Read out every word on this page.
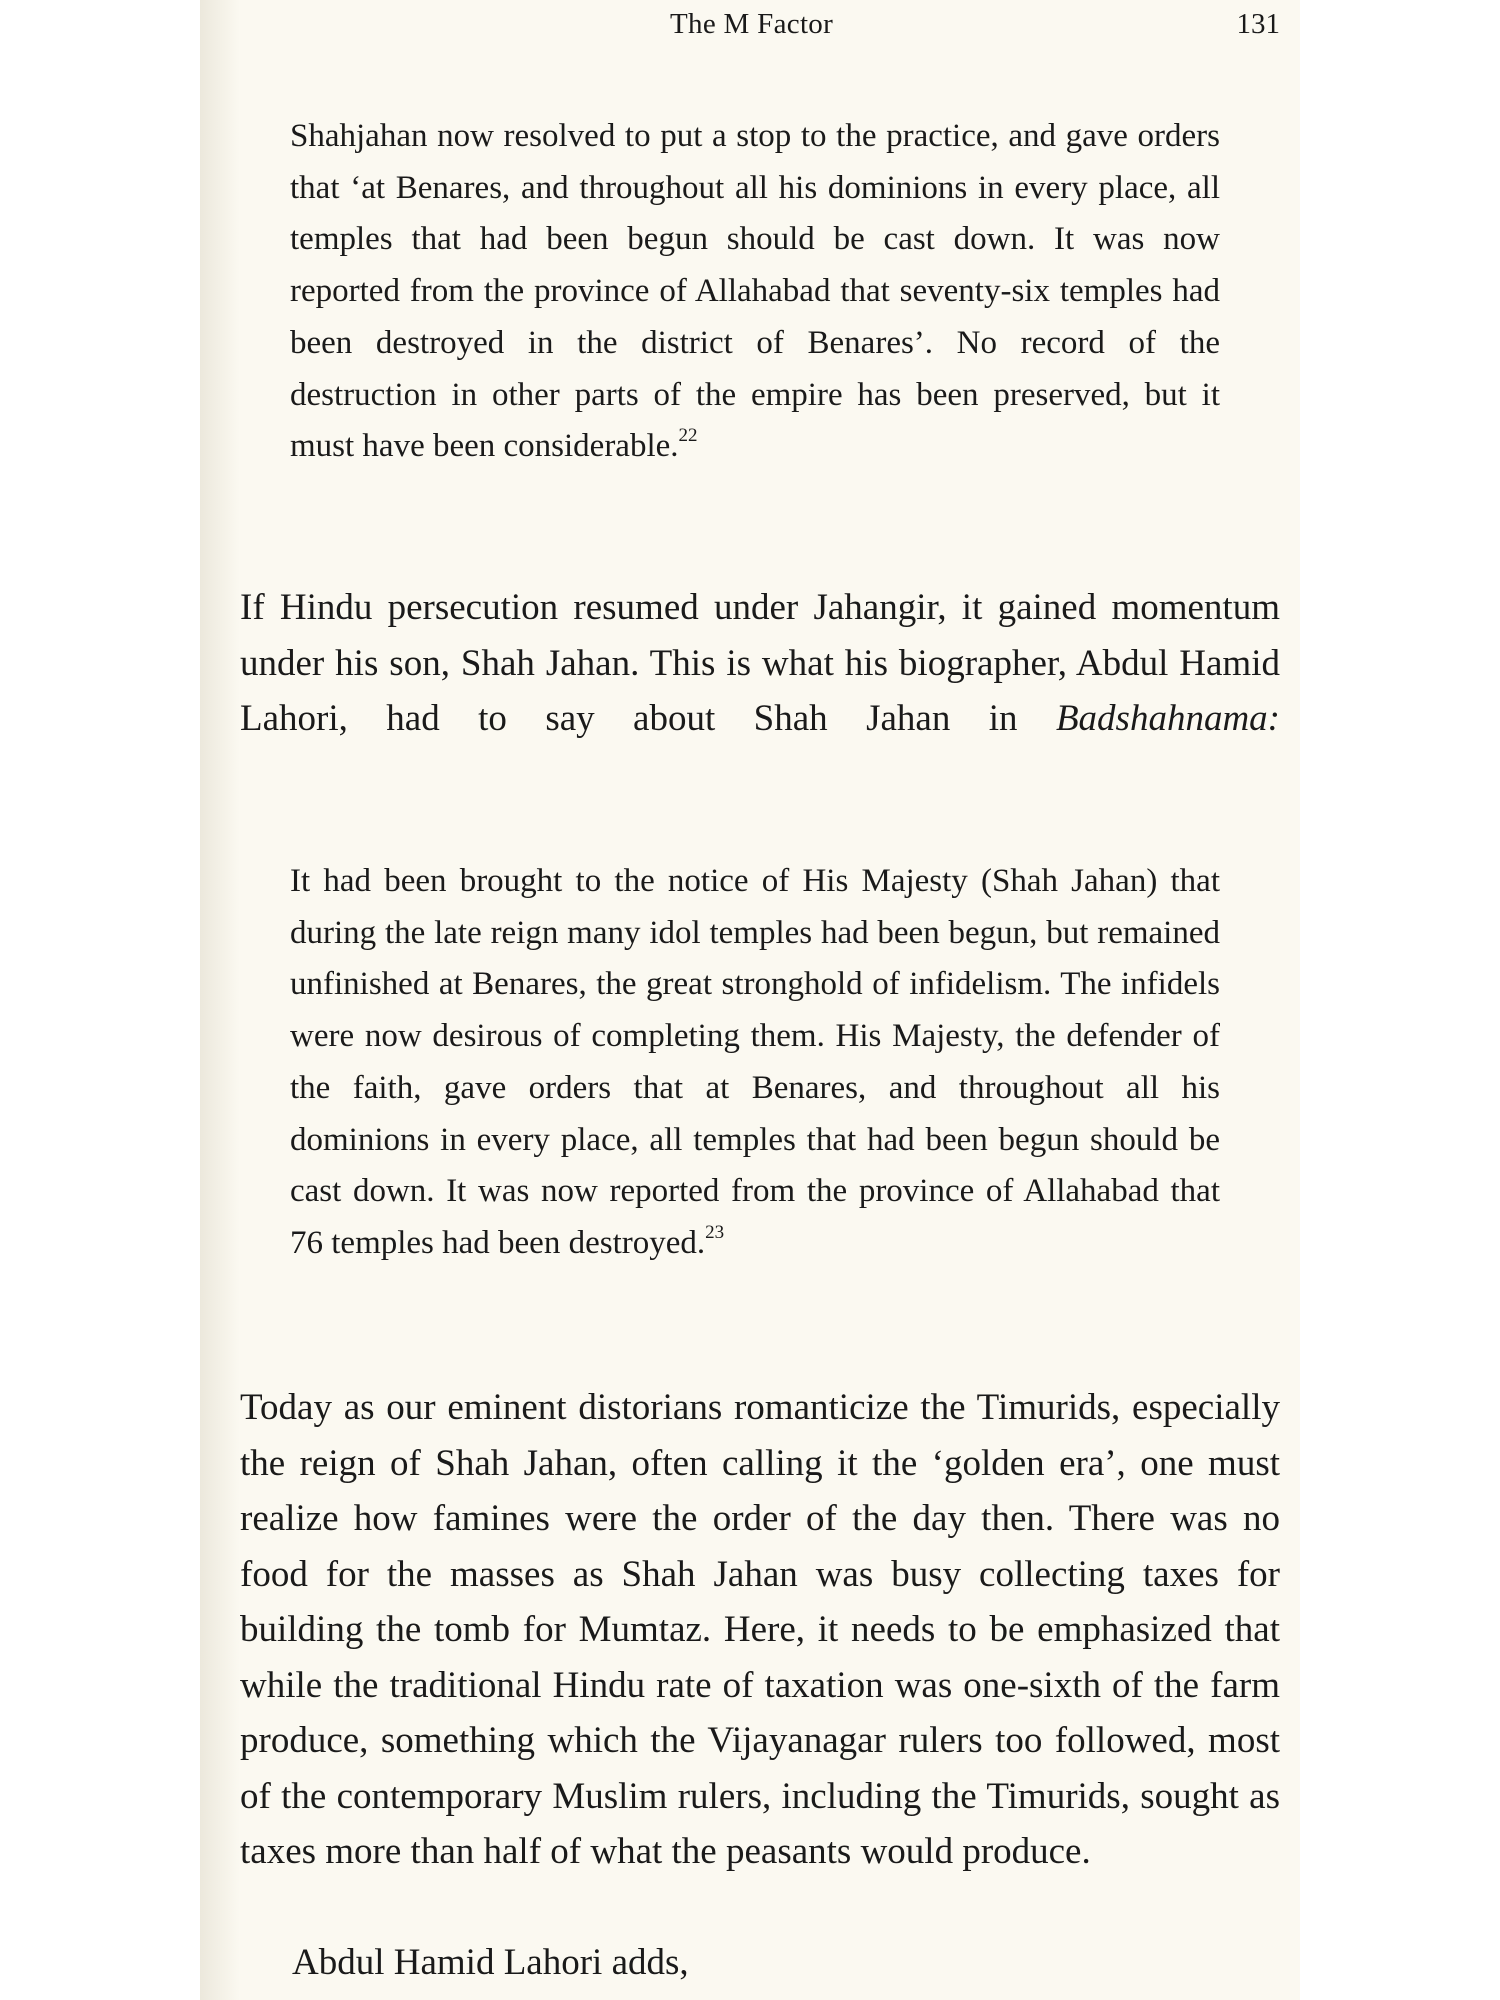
The M Factor	131

Shahjahan now resolved to put a stop to the practice, and gave orders that ‘at Benares, and throughout all his dominions in every place, all temples that had been begun should be cast down. It was now reported from the province of Allahabad that seventy-six temples had been destroyed in the district of Benares’. No record of the destruction in other parts of the empire has been preserved, but it must have been considerable.$^{22}$

If Hindu persecution resumed under Jahangir, it gained momentum under his son, Shah Jahan. This is what his biographer, Abdul Hamid Lahori, had to say about Shah Jahan in Badshahnama:

It had been brought to the notice of His Majesty (Shah Jahan) that during the late reign many idol temples had been begun, but remained unfinished at Benares, the great stronghold of infidelism. The infidels were now desirous of completing them. His Majesty, the defender of the faith, gave orders that at Benares, and throughout all his dominions in every place, all temples that had been begun should be cast down. It was now reported from the province of Allahabad that 76 temples had been destroyed.$^{23}$

Today as our eminent distorians romanticize the Timurids, especially the reign of Shah Jahan, often calling it the ‘golden era’, one must realize how famines were the order of the day then. There was no food for the masses as Shah Jahan was busy collecting taxes for building the tomb for Mumtaz. Here, it needs to be emphasized that while the traditional Hindu rate of taxation was one-sixth of the farm produce, something which the Vijayanagar rulers too followed, most of the contemporary Muslim rulers, including the Timurids, sought as taxes more than half of what the peasants would produce.

Abdul Hamid Lahori adds,
